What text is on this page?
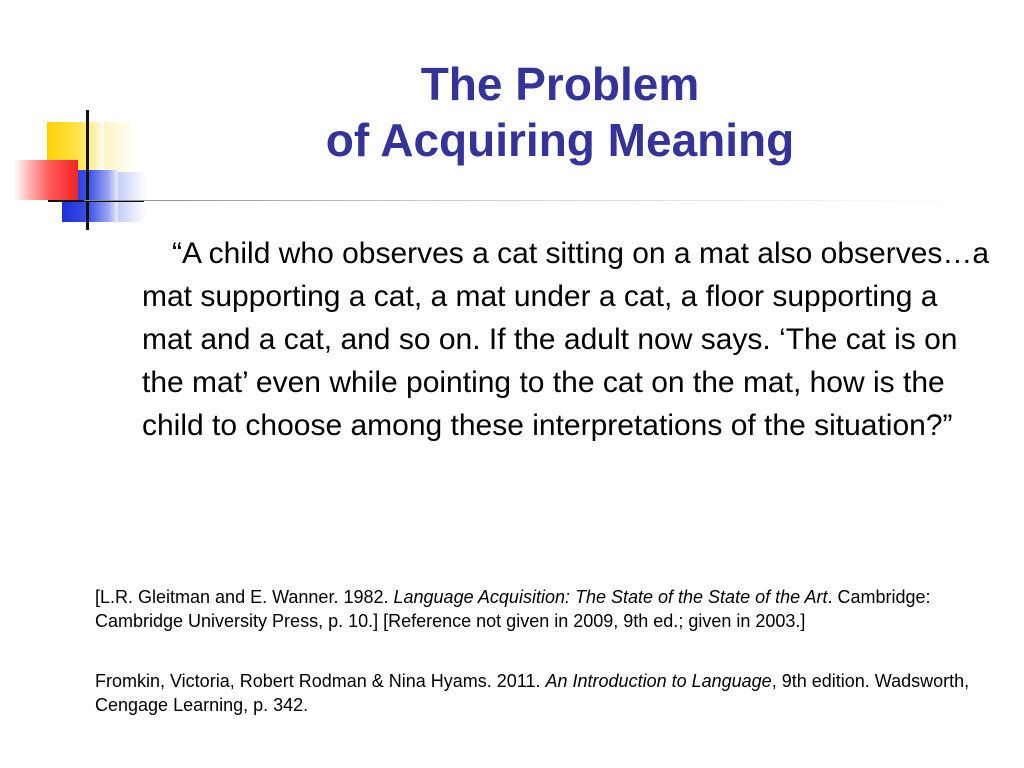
The Problem
of Acquiring Meaning

“A child who observes a cat sitting on a mat also observes…a mat supporting a cat, a mat under a cat, a floor supporting a mat and a cat, and so on. If the adult now says. ‘The cat is on the mat’ even while pointing to the cat on the mat, how is the child to choose among these interpretations of the situation?”

[L.R. Gleitman and E. Wanner. 1982. Language Acquisition: The State of the State of the Art. Cambridge: Cambridge University Press, p. 10.] [Reference not given in 2009, 9th ed.; given in 2003.]

Fromkin, Victoria, Robert Rodman & Nina Hyams. 2011. An Introduction to Language, 9th edition. Wadsworth, Cengage Learning, p. 342.
